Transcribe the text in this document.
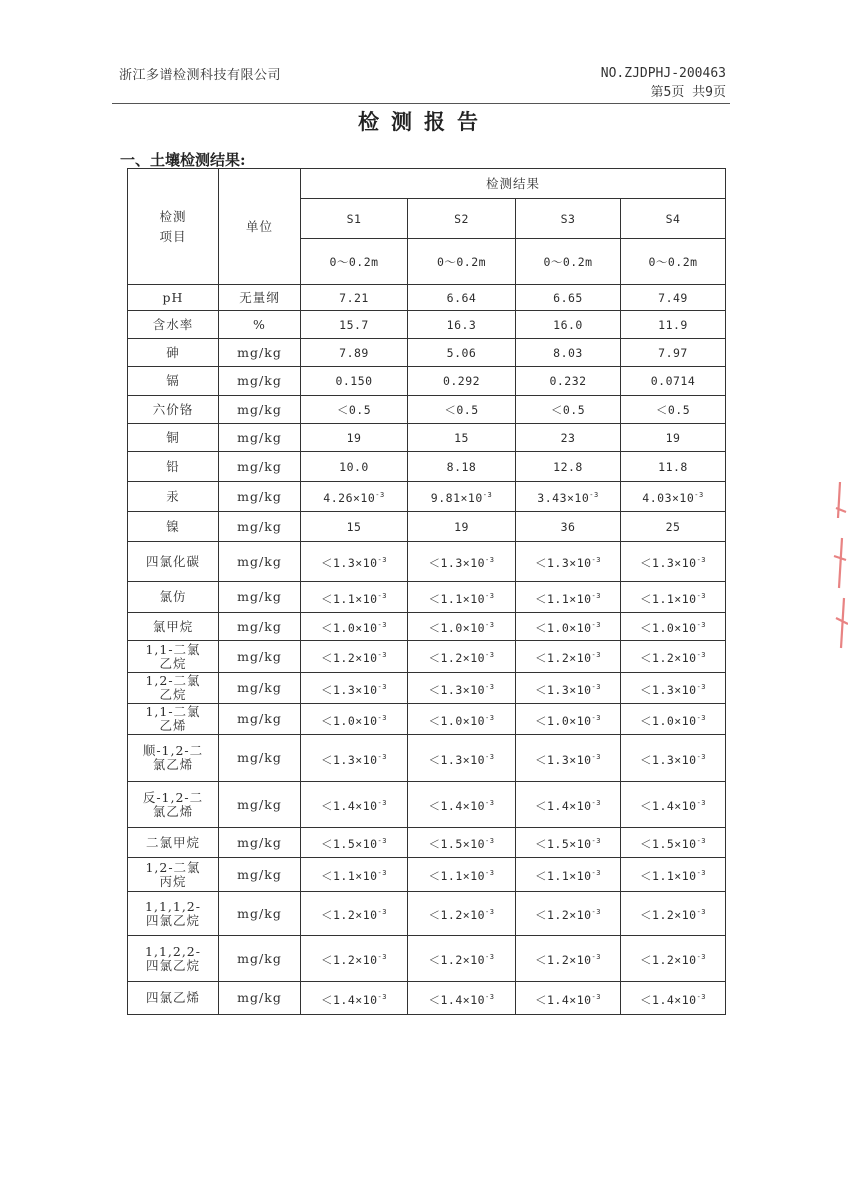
浙江多谱检测科技有限公司	NO.ZJDPHJ-200463
第5页 共9页
检测报告
一、土壤检测结果:
检测
项目	单位	检测结果			
		S1	S2	S3	S4
		0～0.2m	0～0.2m	0～0.2m	0～0.2m
pH	无量纲	7.21	6.64	6.65	7.49
含水率	%	15.7	16.3	16.0	11.9
砷	mg/kg	7.89	5.06	8.03	7.97
镉	mg/kg	0.150	0.292	0.232	0.0714
六价铬	mg/kg	＜0.5	＜0.5	＜0.5	＜0.5
铜	mg/kg	19	15	23	19
铅	mg/kg	10.0	8.18	12.8	11.8
汞	mg/kg	$4.26\times 10^{-3}$	$9.81\times 10^{-3}$	$3.43\times 10^{-3}$	$4.03\times 10^{-3}$
镍	mg/kg	15	19	36	25
四氯化碳	mg/kg	$<1.3\times 10^{-3}$	$<1.3\times 10^{-3}$	$<1.3\times 10^{-3}$	$<1.3\times 10^{-3}$
氯仿	mg/kg	$<1.1\times 10^{-3}$	$<1.1\times 10^{-3}$	$<1.1\times 10^{-3}$	$<1.1\times 10^{-3}$
氯甲烷	mg/kg	$<1.0\times 10^{-3}$	$<1.0\times 10^{-3}$	$<1.0\times 10^{-3}$	$<1.0\times 10^{-3}$
1,1-二氯
乙烷	mg/kg	$<1.2\times 10^{-3}$	$<1.2\times 10^{-3}$	$<1.2\times 10^{-3}$	$<1.2\times 10^{-3}$
1,2-二氯
乙烷	mg/kg	$<1.3\times 10^{-3}$	$<1.3\times 10^{-3}$	$<1.3\times 10^{-3}$	$<1.3\times 10^{-3}$
1,1-二氯
乙烯	mg/kg	$<1.0\times 10^{-3}$	$<1.0\times 10^{-3}$	$<1.0\times 10^{-3}$	$<1.0\times 10^{-3}$
顺-1,2-二
氯乙烯	mg/kg	$<1.3\times 10^{-3}$	$<1.3\times 10^{-3}$	$<1.3\times 10^{-3}$	$<1.3\times 10^{-3}$
反-1,2-二
氯乙烯	mg/kg	$<1.4\times 10^{-3}$	$<1.4\times 10^{-3}$	$<1.4\times 10^{-3}$	$<1.4\times 10^{-3}$
二氯甲烷	mg/kg	$<1.5\times 10^{-3}$	$<1.5\times 10^{-3}$	$<1.5\times 10^{-3}$	$<1.5\times 10^{-3}$
1,2-二氯
丙烷	mg/kg	$<1.1\times 10^{-3}$	$<1.1\times 10^{-3}$	$<1.1\times 10^{-3}$	$<1.1\times 10^{-3}$
1,1,1,2-
四氯乙烷	mg/kg	$<1.2\times 10^{-3}$	$<1.2\times 10^{-3}$	$<1.2\times 10^{-3}$	$<1.2\times 10^{-3}$
1,1,2,2-
四氯乙烷	mg/kg	$<1.2\times 10^{-3}$	$<1.2\times 10^{-3}$	$<1.2\times 10^{-3}$	$<1.2\times 10^{-3}$
四氯乙烯	mg/kg	$<1.4\times 10^{-3}$	$<1.4\times 10^{-3}$	$<1.4\times 10^{-3}$	$<1.4\times 10^{-3}$
